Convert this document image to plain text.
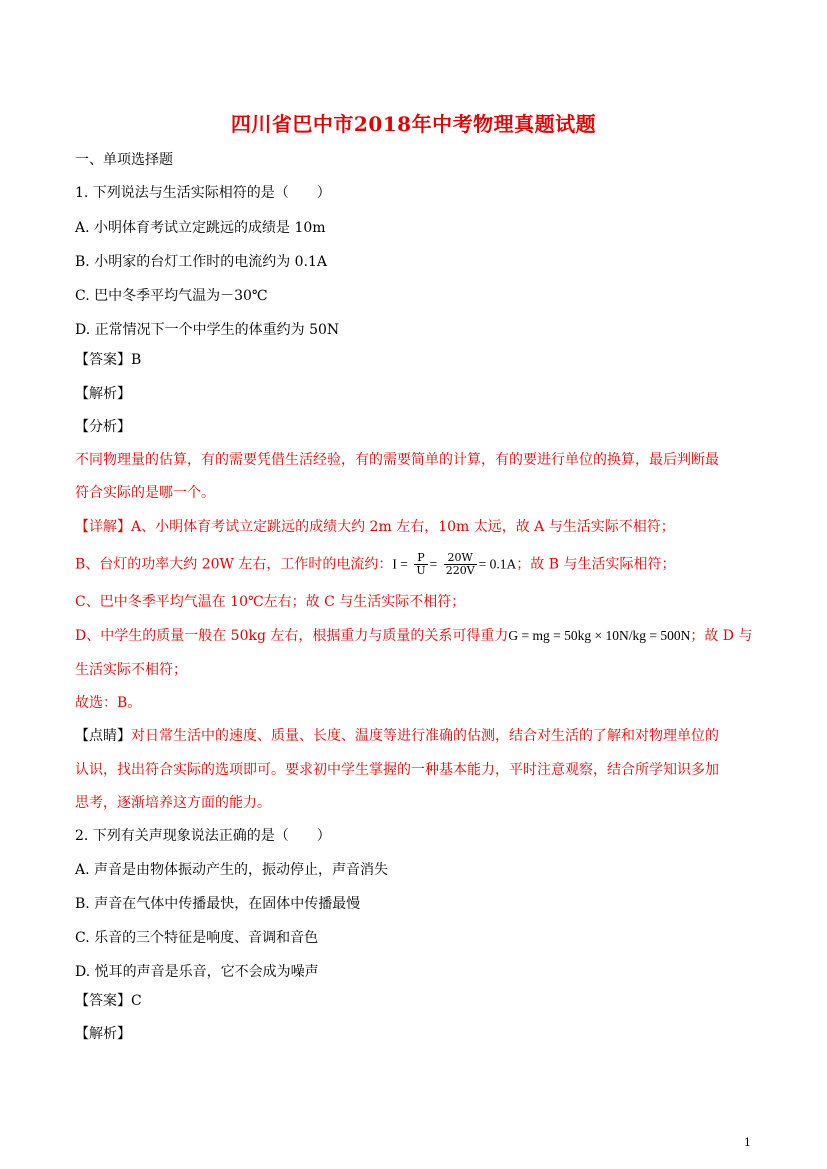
四川省巴中市2018年中考物理真题试题
一、单项选择题
1. 下列说法与生活实际相符的是（　　）
A. 小明体育考试立定跳远的成绩是 10m
B. 小明家的台灯工作时的电流约为 0.1A
C. 巴中冬季平均气温为－30℃
D. 正常情况下一个中学生的体重约为 50N
【答案】B
【解析】
【分析】
不同物理量的估算，有的需要凭借生活经验，有的需要简单的计算，有的要进行单位的换算，最后判断最
符合实际的是哪一个。
【详解】A、小明体育考试立定跳远的成绩大约 2m 左右，10m 太远，故 A 与生活实际不相符；
B、台灯的功率大约 20W 左右，工作时的电流约：$I = \frac{P}{U} = \frac{20W}{220V} = 0.1A$；故 B 与生活实际相符；
C、巴中冬季平均气温在 10℃左右；故 C 与生活实际不相符；
D、中学生的质量一般在 50kg 左右，根据重力与质量的关系可得重力G = mg = 50kg × 10N/kg = 500N；故 D 与
生活实际不相符；
故选：B。
【点睛】对日常生活中的速度、质量、长度、温度等进行准确的估测，结合对生活的了解和对物理单位的
认识，找出符合实际的选项即可。要求初中学生掌握的一种基本能力，平时注意观察，结合所学知识多加
思考，逐渐培养这方面的能力。
2. 下列有关声现象说法正确的是（　　）
A. 声音是由物体振动产生的，振动停止，声音消失
B. 声音在气体中传播最快，在固体中传播最慢
C. 乐音的三个特征是响度、音调和音色
D. 悦耳的声音是乐音，它不会成为噪声
【答案】C
【解析】
1
